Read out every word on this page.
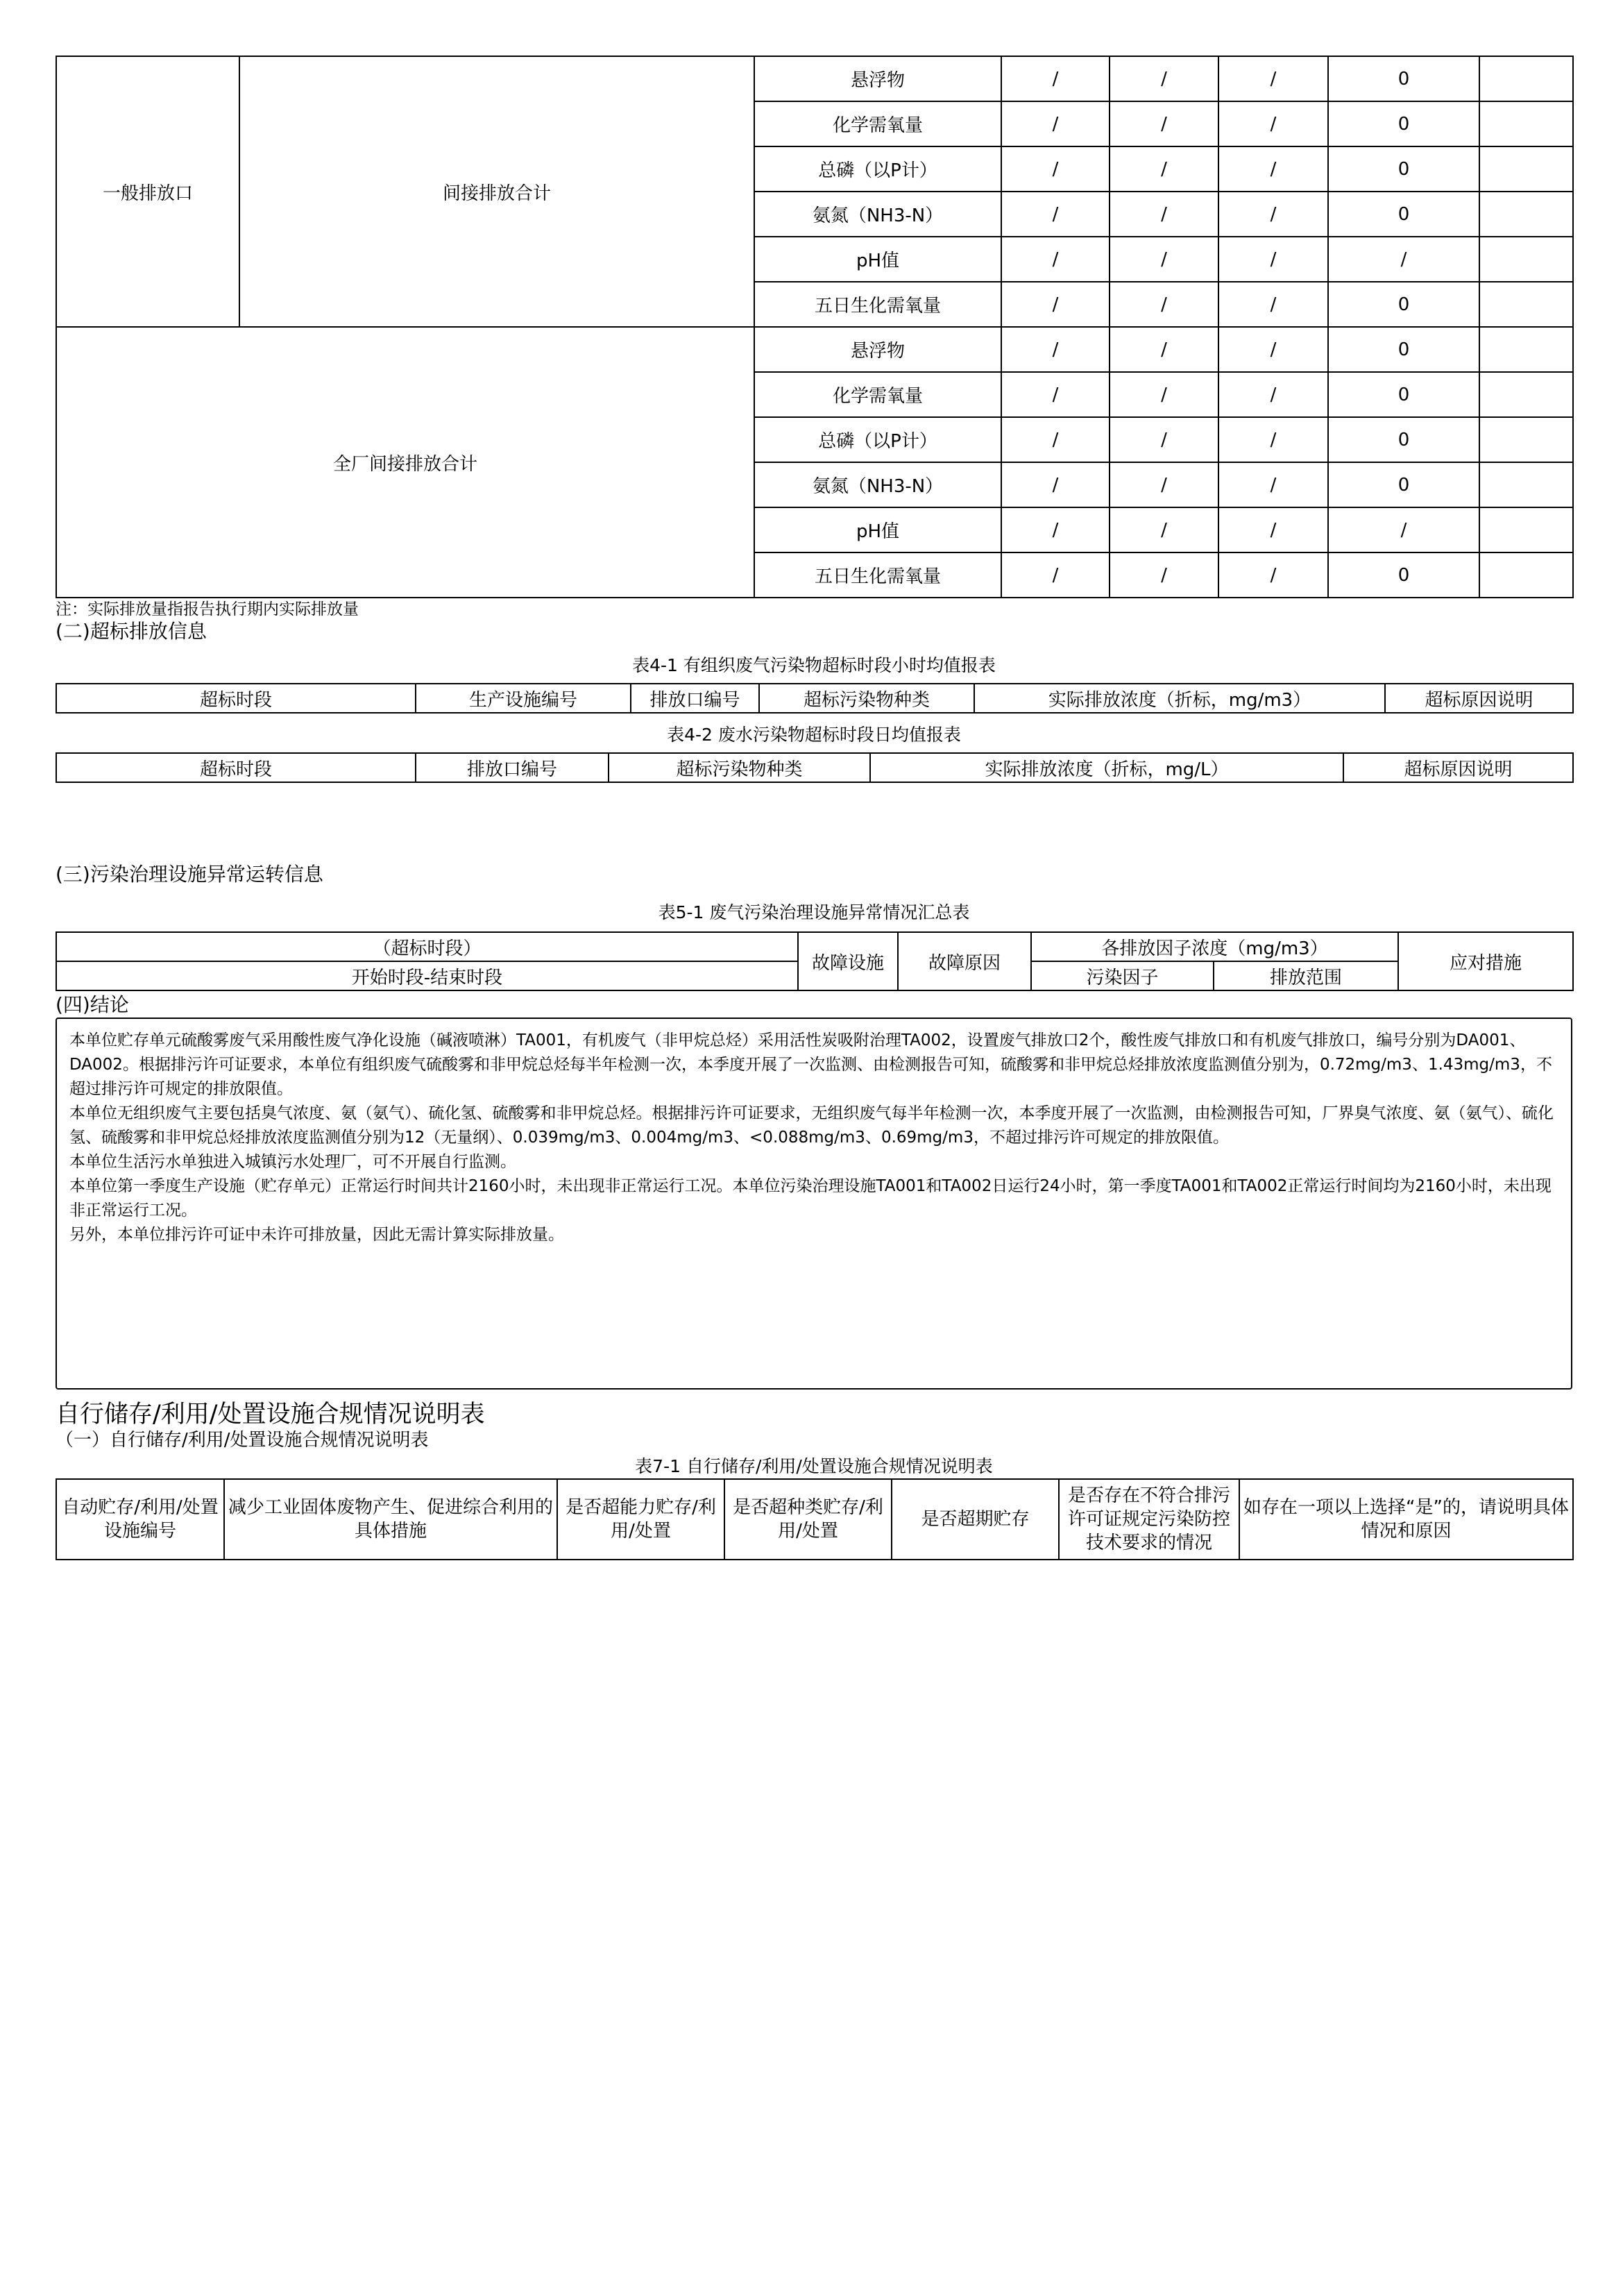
一般排放口	间接排放合计	悬浮物	/	/	/	0	
		化学需氧量	/	/	/	0	
		总磷（以P计）	/	/	/	0	
		氨氮（NH3-N）	/	/	/	0	
		pH值	/	/	/	/	
		五日生化需氧量	/	/	/	0	
全厂间接排放合计		悬浮物	/	/	/	0	
		化学需氧量	/	/	/	0	
		总磷（以P计）	/	/	/	0	
		氨氮（NH3-N）	/	/	/	0	
		pH值	/	/	/	/	
		五日生化需氧量	/	/	/	0	
注：实际排放量指报告执行期内实际排放量
(二)超标排放信息
表4-1 有组织废气污染物超标时段小时均值报表
超标时段	生产设施编号	排放口编号	超标污染物种类	实际排放浓度（折标，mg/m3）	超标原因说明
表4-2 废水污染物超标时段日均值报表
超标时段	排放口编号	超标污染物种类	实际排放浓度（折标，mg/L）	超标原因说明
(三)污染治理设施异常运转信息
表5-1 废气污染治理设施异常情况汇总表
（超标时段）	故障设施	故障原因	各排放因子浓度（mg/m3）		应对措施
开始时段-结束时段			污染因子	排放范围	
(四)结论

本单位贮存单元硫酸雾废气采用酸性废气净化设施（碱液喷淋）TA001，有机废气（非甲烷总烃）采用活性炭吸附治理TA002，设置废气排放口2个，酸性废气排放口和有机废气排放口，编号分别为DA001、DA002。根据排污许可证要求，本单位有组织废气硫酸雾和非甲烷总烃每半年检测一次，本季度开展了一次监测、由检测报告可知，硫酸雾和非甲烷总烃排放浓度监测值分别为，0.72mg/m3、1.43mg/m3，不超过排污许可规定的排放限值。

本单位无组织废气主要包括臭气浓度、氨（氨气）、硫化氢、硫酸雾和非甲烷总烃。根据排污许可证要求，无组织废气每半年检测一次，本季度开展了一次监测，由检测报告可知，厂界臭气浓度、氨（氨气）、硫化氢、硫酸雾和非甲烷总烃排放浓度监测值分别为12（无量纲）、0.039mg/m3、0.004mg/m3、<0.088mg/m3、0.69mg/m3，不超过排污许可规定的排放限值。

本单位生活污水单独进入城镇污水处理厂，可不开展自行监测。

本单位第一季度生产设施（贮存单元）正常运行时间共计2160小时，未出现非正常运行工况。本单位污染治理设施TA001和TA002日运行24小时，第一季度TA001和TA002正常运行时间均为2160小时，未出现非正常运行工况。

另外，本单位排污许可证中未许可排放量，因此无需计算实际排放量。

自行储存/利用/处置设施合规情况说明表
（一）自行储存/利用/处置设施合规情况说明表
表7-1 自行储存/利用/处置设施合规情况说明表
自动贮存/利用/处置设施编号	减少工业固体废物产生、促进综合利用的具体措施	是否超能力贮存/利用/处置	是否超种类贮存/利用/处置	是否超期贮存	是否存在不符合排污许可证规定污染防控技术要求的情况	如存在一项以上选择“是”的，请说明具体情况和原因
